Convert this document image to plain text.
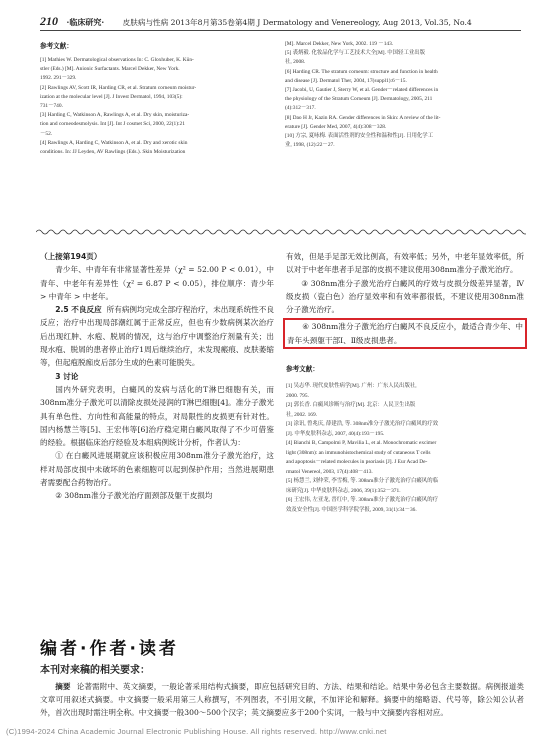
210 ·临床研究· 皮肤病与性病 2013年8月第35卷第4期 J Dermatology and Venereology, Aug 2013, Vol.35, No.4
参考文献：
[1] Mathies W. Dermatological observations In: C. Gloxhuber, K. Kün-
stler (Eds.) [M]. Anionic Surfactants. Marcel Dekker, New York.
1992. 291－329.
[2] Rawlings AV, Scott IR, Harding CR, et al. Stratum corneum moistur-
ization at the molecular level [J]. J Invest Dermatol, 1994, 103(5):
731－740.
[3] Harding C, Watkinson A, Rawlings A, et al. Dry skin, moisturiza-
tion and corneodesmolysis. Int [J]. Int J cosmet Sci, 2000, 22(1):21
－52.
[4] Rawlings A, Harding C, Watkinson A, et al. Dry and xerotic skin
conditions. In: JJ Leyden, AV Rawlings (Eds.). Skin Moisturization
[M]. Marcel Dekker, New York, 2002. 119 －143.
[5] 裘炳毅. 化妆品化学与工艺技术大全[M]. 中国轻工业出版
社, 2008.
[6] Harding CR. The stratum corneum: structure and function in health
and disease [J]. Dermatol Ther, 2004, 17(suppl1):6－15.
[7] Jacobi, U, Gautier J, Sterry W, et al. Gender－related differences in
the physiology of the Stratum Corneum [J]. Dermatology, 2005, 211
(4):312－317.
[8] Dao H Jr, Kazin RA. Gender differences in Skin: A review of the lit-
erature [J]. Gender Med, 2007, 4(4):308－328.
[10] 方宗, 夏咏梅. 表面活性剂的安全性和温和性[J]. 日用化学工
业, 1998, (12):22－27.

（上接第194页）

青少年、中青年有非常显著性差异（χ² = 52.00 P < 0.01），中青年、中老年有差异性（χ² = 6.87 P < 0.05），排位顺序：青少年 > 中青年 > 中老年。

2.5 不良反应 所有病例均完成全部疗程治疗，未出现系统性不良反应；治疗中出现局部潮红属于正常反应，但也有少数病例某次治疗后出现红肿、水疱、脱屑的情况，这与治疗中调整治疗剂量有关；出现水疱、脱屑的患者停止治疗1周后继续治疗，未发现瘢痕、皮肤萎缩等，但起疱脱痂皮后部分生成的色素可能脱失。

3 讨论

国内外研究表明，白癜风的发病与活化的T淋巴细胞有关，而308nm准分子激光可以清除皮损处浸润的T淋巴细胞[4]。准分子激光具有单色性、方向性和高能量的特点，对局限性的皮损更有针对性。国内杨慧兰等[5]、王宏伟等[6]治疗稳定期白癜风取得了不少可借鉴的经验。根据临床治疗经验及本组病例统计分析，作者认为：

① 在白癜风进展期就应该积极应用308nm准分子激光治疗，这样对局部皮损中未破坏的色素细胞可以起到保护作用；当然进展期患者需要配合药物治疗。

② 308nm准分子激光治疗面颈部及躯干皮损均

有效，但是手足部无效比例高，有效率低；另外，中老年显效率低，所以对于中老年患者手足部的皮损不建议使用308nm准分子激光治疗。

③ 308nm准分子激光治疗白癜风的疗效与皮损分级差异显著，Ⅳ级皮损（瓷白色）治疗显效率和有效率都很低，不建议使用308nm准分子激光治疗。

④ 308nm准分子激光治疗白癜风不良反应小，最适合青少年、中青年头颈躯干部Ⅰ、Ⅱ级皮损患者。

参考文献：
[1] 吴志华. 现代皮肤性病学[M]. 广州：广东人民出版社,
2000. 795.
[2] 郭长香. 白癜风诊断与治疗[M]. 北京：人民卫生出版
社, 2002. 169.
[3] 涂讯, 曾兆庆, 薛建浩, 等. 308nm准分子激光治疗白癜风的疗效
[J]. 中华皮肤科杂志, 2007, 40(4):193－195.
[4] Bianchi B, Campolmi P, Mavilia L, et al. Monochromatic excimer
light (308nm): an immunohistochemical study of cutaneous T cells
and apoptosis－related molecules in psoriasis [J]. J Eur Acad De-
rmatol Venereol, 2003, 17(4):408－413.
[5] 杨慧兰, 刘仲荣, 李雪梅, 等. 308nm准分子激光治疗白癜风的临
床研究[J]. 中华皮肤科杂志, 2006, 39(1):352－371.
[6] 王宏伟, 左亚龙, 晋红中, 等. 308nm准分子激光治疗白癜风的疗
效及安全性[J]. 中国医学科学院学报, 2009, 31(1):34－36.
编者·作者·读者
本刊对来稿的相关要求：

摘要 论著需附中、英文摘要，一般论著采用结构式摘要，即应包括研究目的、方法、结果和结论。结果中务必包含主要数据。病例报道类文章可用叙述式摘要。中文摘要一般采用第三人称撰写，不列图表，不引用文献，不加评论和解释。摘要中的缩略语、代号等，除公知公认者外，首次出现时需注明全称。中文摘要一般300～500个汉字；英文摘要应多于200个实词，一般与中文摘要内容相对应。

(C)1994-2024 China Academic Journal Electronic Publishing House. All rights reserved. http://www.cnki.net
